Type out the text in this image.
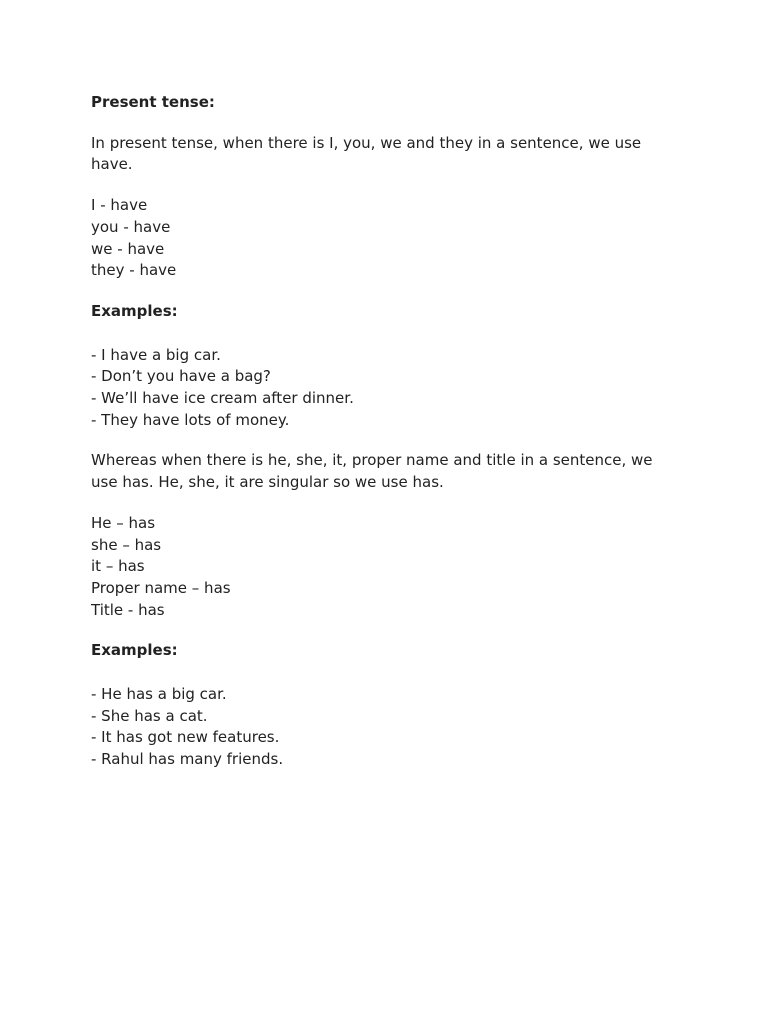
Present tense:

In present tense, when there is I, you, we and they in a sentence, we use have.

I - have
you - have
we - have
they - have

Examples:

- I have a big car.
- Don’t you have a bag?
- We’ll have ice cream after dinner.
- They have lots of money.

Whereas when there is he, she, it, proper name and title in a sentence, we use has. He, she, it are singular so we use has.

He – has
she – has
it – has
Proper name – has
Title - has

Examples:

- He has a big car.
- She has a cat.
- It has got new features.
- Rahul has many friends.
